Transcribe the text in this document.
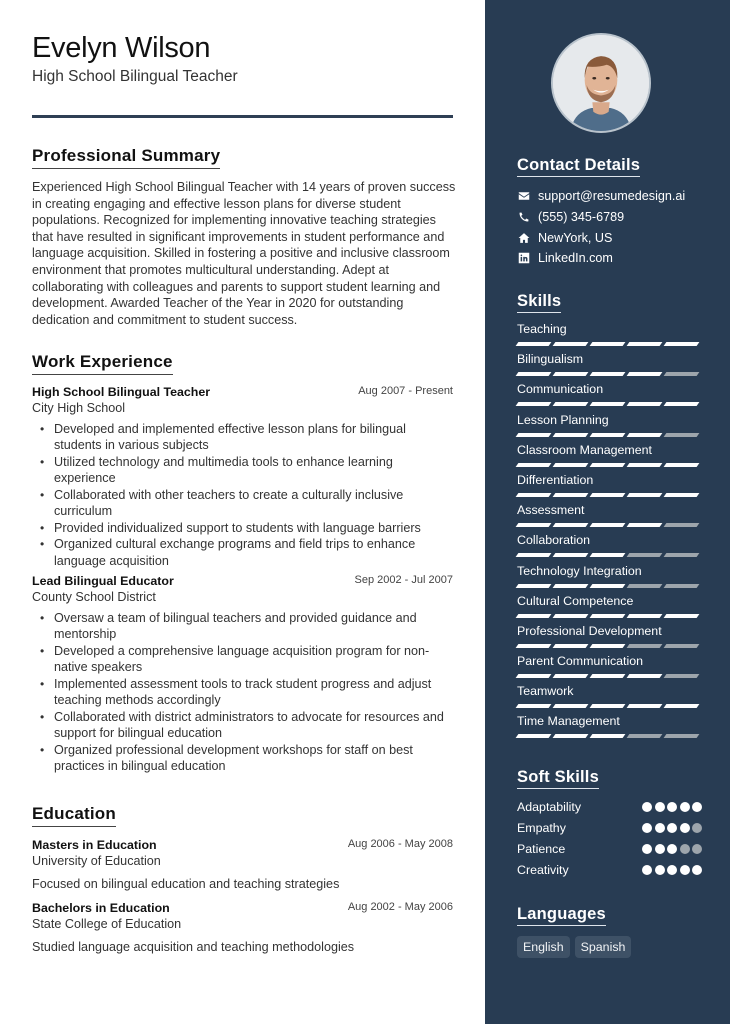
Evelyn Wilson
High School Bilingual Teacher
Professional Summary

Experienced High School Bilingual Teacher with 14 years of proven success in creating engaging and effective lesson plans for diverse student populations. Recognized for implementing innovative teaching strategies that have resulted in significant improvements in student performance and language acquisition. Skilled in fostering a positive and inclusive classroom environment that promotes multicultural understanding. Adept at collaborating with colleagues and parents to support student learning and development. Awarded Teacher of the Year in 2020 for outstanding dedication and commitment to student success.

Work Experience
High School Bilingual Teacher	Aug 2007 - Present
City High School
• Developed and implemented effective lesson plans for bilingual students in various subjects
• Utilized technology and multimedia tools to enhance learning experience
• Collaborated with other teachers to create a culturally inclusive curriculum
• Provided individualized support to students with language barriers
• Organized cultural exchange programs and field trips to enhance language acquisition
Lead Bilingual Educator	Sep 2002 - Jul 2007
County School District
• Oversaw a team of bilingual teachers and provided guidance and mentorship
• Developed a comprehensive language acquisition program for non-native speakers
• Implemented assessment tools to track student progress and adjust teaching methods accordingly
• Collaborated with district administrators to advocate for resources and support for bilingual education
• Organized professional development workshops for staff on best practices in bilingual education
Education
Masters in Education	Aug 2006 - May 2008
University of Education
Focused on bilingual education and teaching strategies
Bachelors in Education	Aug 2002 - May 2006
State College of Education
Studied language acquisition and teaching methodologies
Contact Details
support@resumedesign.ai
(555) 345-6789
NewYork, US
LinkedIn.com
Skills
Teaching
Bilingualism
Communication
Lesson Planning
Classroom Management
Differentiation
Assessment
Collaboration
Technology Integration
Cultural Competence
Professional Development
Parent Communication
Teamwork
Time Management
Soft Skills
Adaptability
Empathy
Patience
Creativity
Languages
English	Spanish
